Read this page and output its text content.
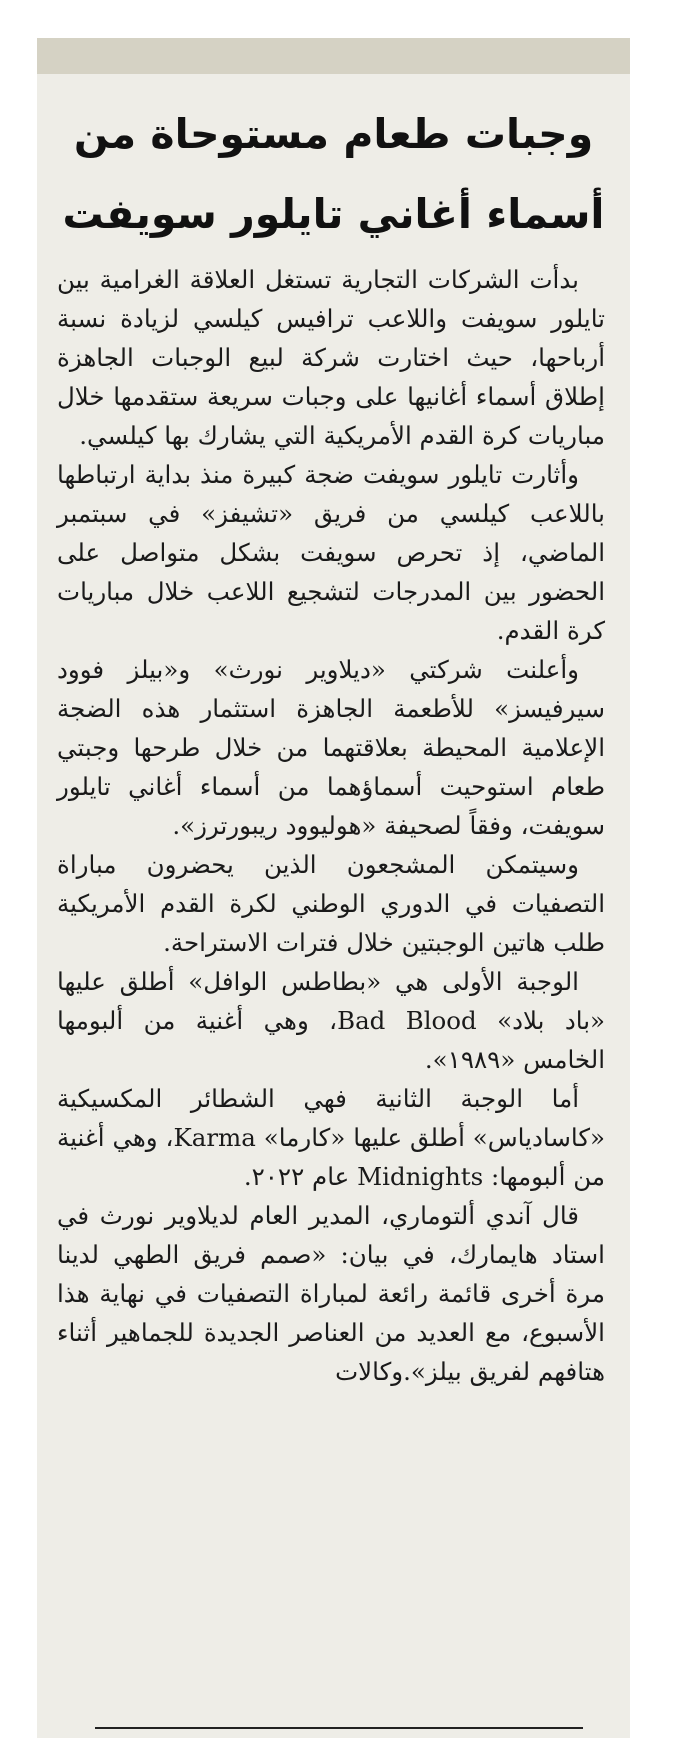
وجبات طعام مستوحاة من
أسماء أغاني تايلور سويفت

بدأت الشركات التجارية تستغل العلاقة الغرامية بين تايلور سويفت واللاعب ترافيس كيلسي لزيادة نسبة أرباحها، حيث اختارت شركة لبيع الوجبات الجاهزة إطلاق أسماء أغانيها على وجبات سريعة ستقدمها خلال مباريات كرة القدم الأمريكية التي يشارك بها كيلسي.

وأثارت تايلور سويفت ضجة كبيرة منذ بداية ارتباطها باللاعب كيلسي من فريق «تشيفز» في سبتمبر الماضي، إذ تحرص سويفت بشكل متواصل على الحضور بين المدرجات لتشجيع اللاعب خلال مباريات كرة القدم.

وأعلنت شركتي «ديلاوير نورث» و«بيلز فوود سيرفيسز» للأطعمة الجاهزة استثمار هذه الضجة الإعلامية المحيطة بعلاقتهما من خلال طرحها وجبتي طعام استوحيت أسماؤهما من أسماء أغاني تايلور سويفت، وفقاً لصحيفة «هوليوود ريبورترز».

وسيتمكن المشجعون الذين يحضرون مباراة التصفيات في الدوري الوطني لكرة القدم الأمريكية طلب هاتين الوجبتين خلال فترات الاستراحة.

الوجبة الأولى هي «بطاطس الوافل» أطلق عليها «باد بلاد» Bad Blood، وهي أغنية من ألبومها الخامس «١٩٨٩».

أما الوجبة الثانية فهي الشطائر المكسيكية «كاسادياس» أطلق عليها «كارما» Karma، وهي أغنية من ألبومها: Midnights عام ٢٠٢٢.

قال آندي ألتوماري، المدير العام لديلاوير نورث في استاد هايمارك، في بيان: «صمم فريق الطهي لدينا مرة أخرى قائمة رائعة لمباراة التصفيات في نهاية هذا الأسبوع، مع العديد من العناصر الجديدة للجماهير أثناء هتافهم لفريق بيلز».وكالات
